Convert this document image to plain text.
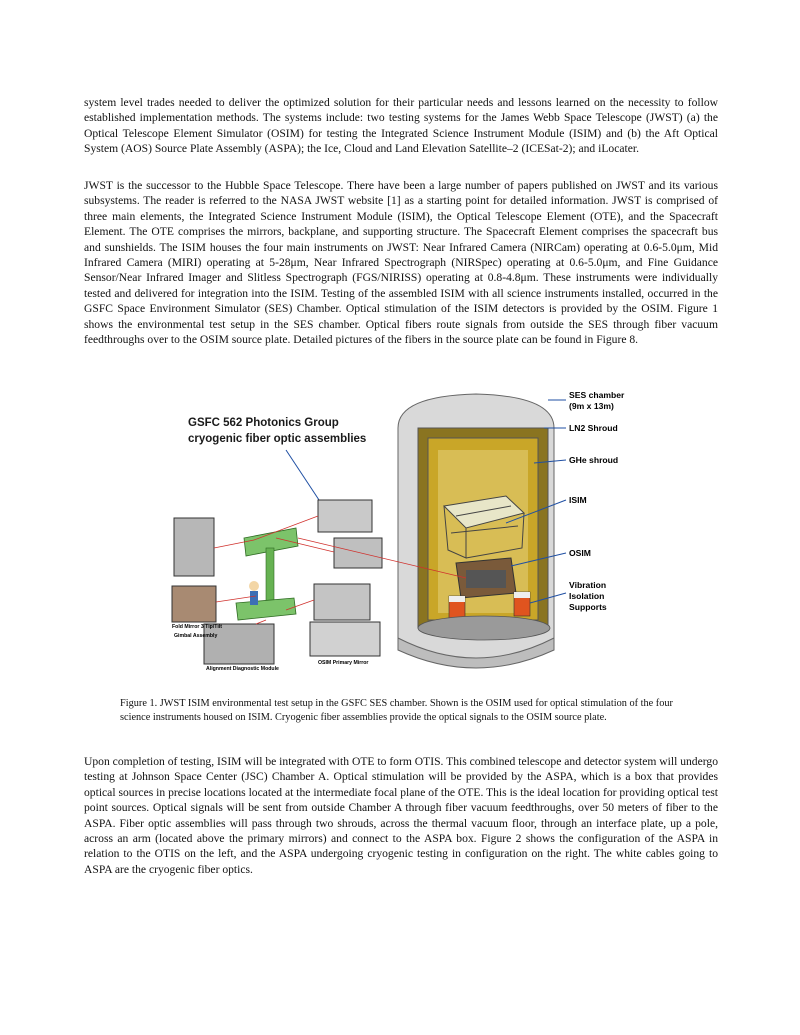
system level trades needed to deliver the optimized solution for their particular needs and lessons learned on the necessity to follow established implementation methods. The systems include: two testing systems for the James Webb Space Telescope (JWST) (a) the Optical Telescope Element Simulator (OSIM) for testing the Integrated Science Instrument Module (ISIM) and (b) the Aft Optical System (AOS) Source Plate Assembly (ASPA); the Ice, Cloud and Land Elevation Satellite–2 (ICESat-2); and iLocater.

JWST is the successor to the Hubble Space Telescope. There have been a large number of papers published on JWST and its various subsystems. The reader is referred to the NASA JWST website [1] as a starting point for detailed information. JWST is comprised of three main elements, the Integrated Science Instrument Module (ISIM), the Optical Telescope Element (OTE), and the Spacecraft Element. The OTE comprises the mirrors, backplane, and supporting structure. The Spacecraft Element comprises the spacecraft bus and sunshields. The ISIM houses the four main instruments on JWST: Near Infrared Camera (NIRCam) operating at 0.6-5.0μm, Mid Infrared Camera (MIRI) operating at 5-28μm, Near Infrared Spectrograph (NIRSpec) operating at 0.6-5.0μm, and Fine Guidance Sensor/Near Infrared Imager and Slitless Spectrograph (FGS/NIRISS) operating at 0.8-4.8μm. These instruments were individually tested and delivered for integration into the ISIM. Testing of the assembled ISIM with all science instruments installed, occurred in the GSFC Space Environment Simulator (SES) Chamber. Optical stimulation of the ISIM detectors is provided by the OSIM. Figure 1 shows the environmental test setup in the SES chamber. Optical fibers route signals from outside the SES through fiber vacuum feedthroughs over to the OSIM source plate. Detailed pictures of the fibers in the source plate can be found in Figure 8.

GSFC 562 Photonics Group
cryogenic fiber optic assemblies
SES chamber
(9m x 13m)
LN2 Shroud
GHe shroud
ISIM
OSIM
Vibration
Isolation
Supports
Fold Mirror 3 Tip/Tilt
Gimbal Assembly
Alignment Diagnostic Module
OSIM Primary Mirror

Figure 1. JWST ISIM environmental test setup in the GSFC SES chamber. Shown is the OSIM used for optical stimulation of the four science instruments housed on ISIM. Cryogenic fiber assemblies provide the optical signals to the OSIM source plate.

Upon completion of testing, ISIM will be integrated with OTE to form OTIS. This combined telescope and detector system will undergo testing at Johnson Space Center (JSC) Chamber A. Optical stimulation will be provided by the ASPA, which is a box that provides optical sources in precise locations located at the intermediate focal plane of the OTE. This is the ideal location for providing optical test point sources. Optical signals will be sent from outside Chamber A through fiber vacuum feedthroughs, over 50 meters of fiber to the ASPA. Fiber optic assemblies will pass through two shrouds, across the thermal vacuum floor, through an interface plate, up a pole, across an arm (located above the primary mirrors) and connect to the ASPA box. Figure 2 shows the configuration of the ASPA in relation to the OTIS on the left, and the ASPA undergoing cryogenic testing in configuration on the right. The white cables going to ASPA are the cryogenic fiber optics.
